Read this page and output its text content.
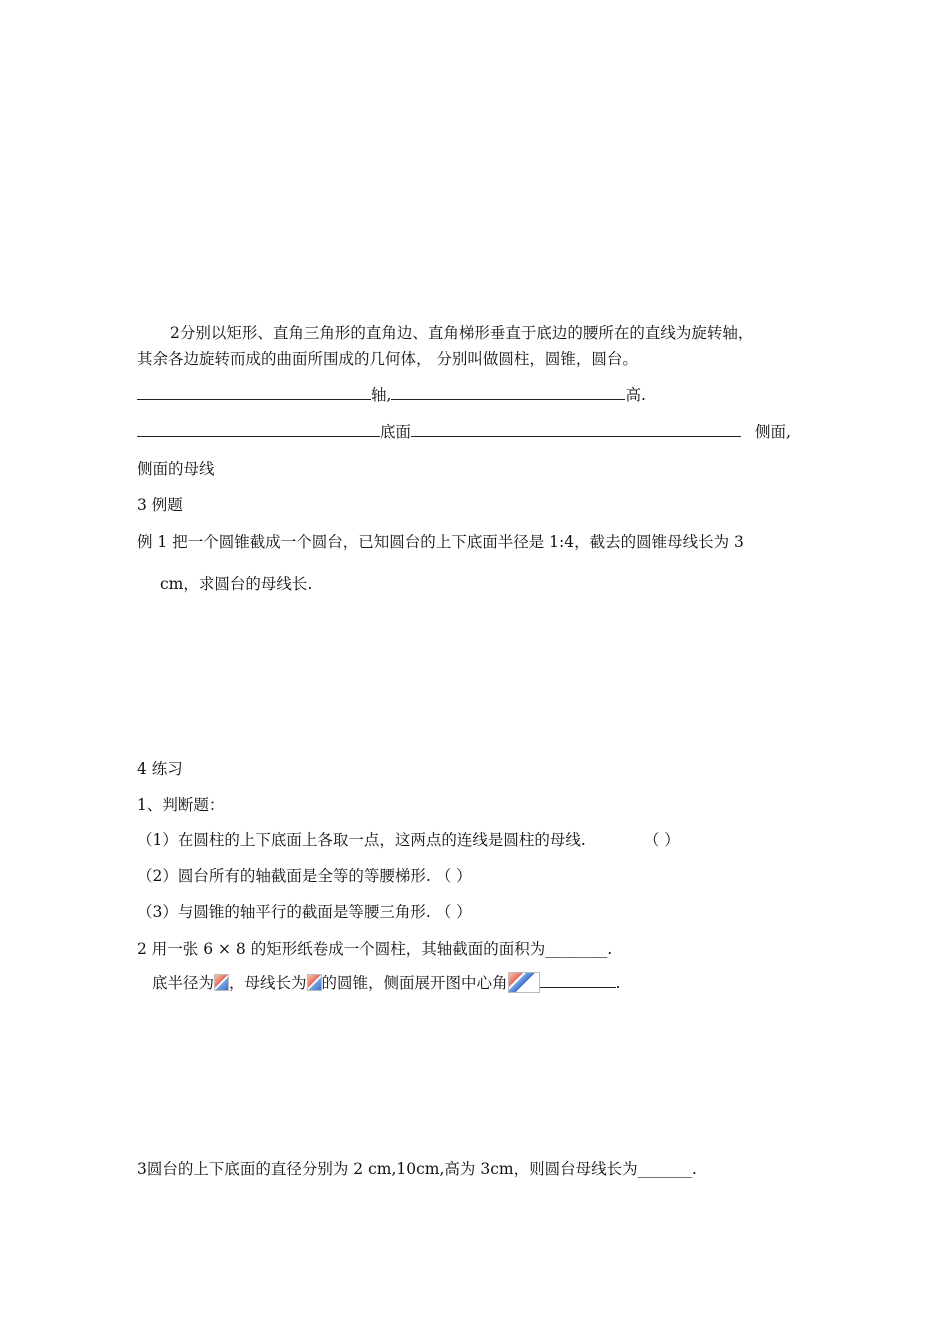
2分别以矩形、直角三角形的直角边、直角梯形垂直于底边的腰所在的直线为旋转轴，
其余各边旋转而成的曲面所围成的几何体， 分别叫做圆柱，圆锥，圆台。
轴,	高.
底面	侧面,
侧面的母线
3 例题
例 1 把一个圆锥截成一个圆台，已知圆台的上下底面半径是 1:4，截去的圆锥母线长为 3
cm，求圆台的母线长.
4 练习
1、判断题：
（1）在圆柱的上下底面上各取一点，这两点的连线是圆柱的母线.	（ ）
（2）圆台所有的轴截面是全等的等腰梯形. （ ）
（3）与圆锥的轴平行的截面是等腰三角形. （ ）
2 用一张 6 × 8 的矩形纸卷成一个圆柱，其轴截面的面积为________.
底半径为 ，母线长为 的圆锥，侧面展开图中心角	.
3圆台的上下底面的直径分别为 2 cm,10cm,高为 3cm，则圆台母线长为_______.
